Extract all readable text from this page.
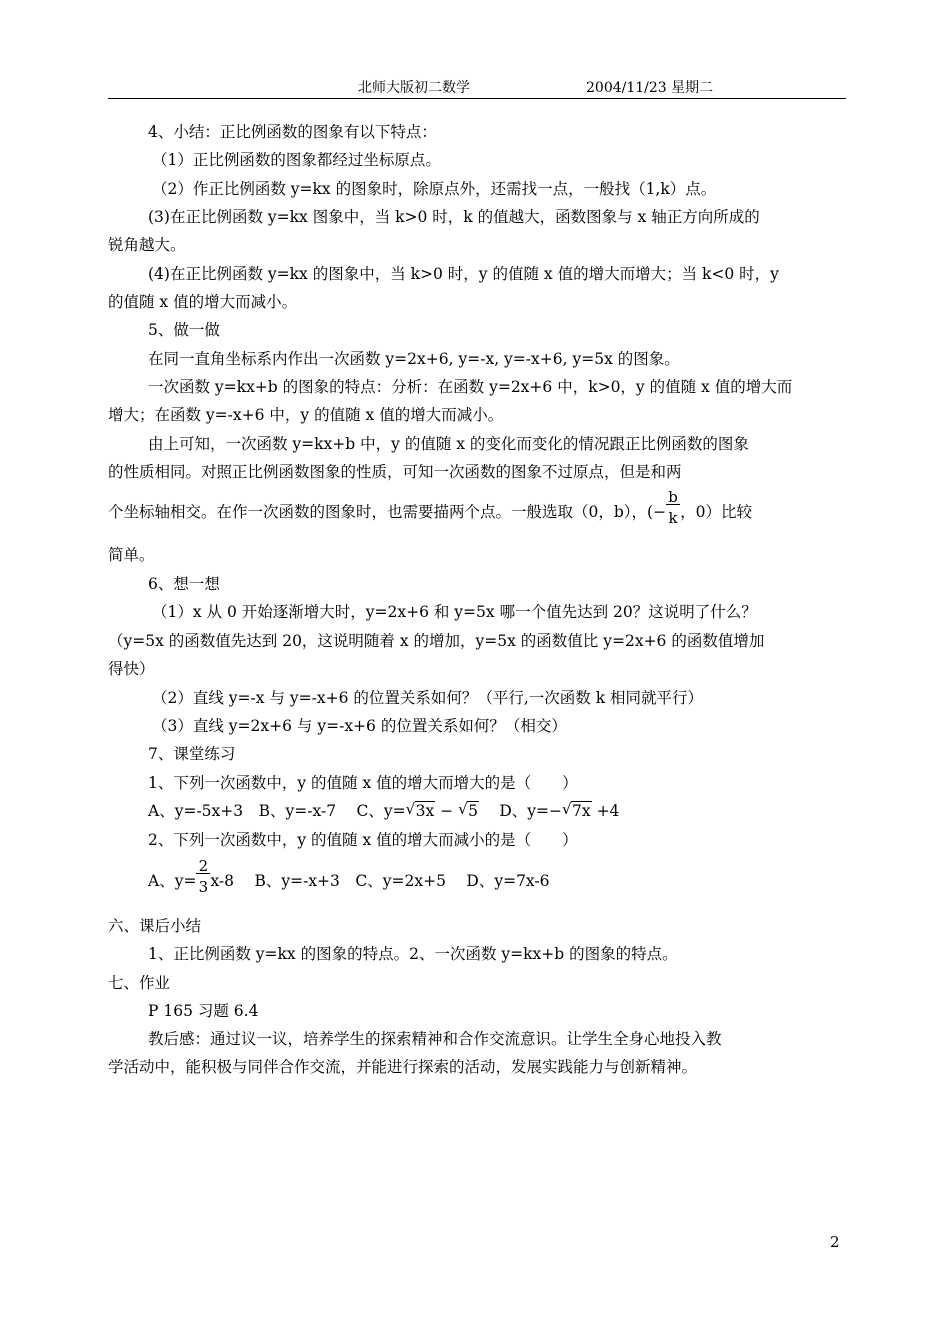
北师大版初二数学	2004/11/23 星期二
4、小结：正比例函数的图象有以下特点：
（1）正比例函数的图象都经过坐标原点。
（2）作正比例函数 y=kx 的图象时，除原点外，还需找一点，一般找（1,k）点。
(3)在正比例函数 y=kx 图象中，当 k>0 时，k 的值越大，函数图象与 x 轴正方向所成的
锐角越大。
(4)在正比例函数 y=kx 的图象中，当 k>0 时，y 的值随 x 值的增大而增大；当 k<0 时，y
的值随 x 值的增大而减小。
5、做一做
在同一直角坐标系内作出一次函数 y=2x+6, y=-x, y=-x+6, y=5x 的图象。
一次函数 y=kx+b 的图象的特点：分析：在函数 y=2x+6 中，k>0，y 的值随 x 值的增大而
增大；在函数 y=-x+6 中，y 的值随 x 值的增大而减小。
由上可知，一次函数 y=kx+b 中，y 的值随 x 的变化而变化的情况跟正比例函数的图象
的性质相同。对照正比例函数图象的性质，可知一次函数的图象不过原点，但是和两
个坐标轴相交。在作一次函数的图象时，也需要描两个点。一般选取（0，b），(− $\frac{b}{k}$ ，0）比较
简单。
6、想一想
（1）x 从 0 开始逐渐增大时，y=2x+6 和 y=5x 哪一个值先达到 20？这说明了什么？
（y=5x 的函数值先达到 20，这说明随着 x 的增加，y=5x 的函数值比 y=2x+6 的函数值增加
得快）
（2）直线 y=-x 与 y=-x+6 的位置关系如何？（平行,一次函数 k 相同就平行）
（3）直线 y=2x+6 与 y=-x+6 的位置关系如何？（相交）
7、课堂练习
1、下列一次函数中，y 的值随 x 值的增大而增大的是（　　）
A、y=-5x+3　B、y=-x-7　 C、y= √ 3x − √ 5　 D、y=− √ 7x +4
2、下列一次函数中，y 的值随 x 值的增大而减小的是（　　）
A、$y= \frac{2}{3} x-8$　 B、y=-x+3　C、y=2x+5　 D、y=7x-6
六、课后小结
1、正比例函数 y=kx 的图象的特点。2、一次函数 y=kx+b 的图象的特点。
七、作业
P 165 习题 6.4
教后感：通过议一议，培养学生的探索精神和合作交流意识。让学生全身心地投入教
学活动中，能积极与同伴合作交流，并能进行探索的活动，发展实践能力与创新精神。
2
